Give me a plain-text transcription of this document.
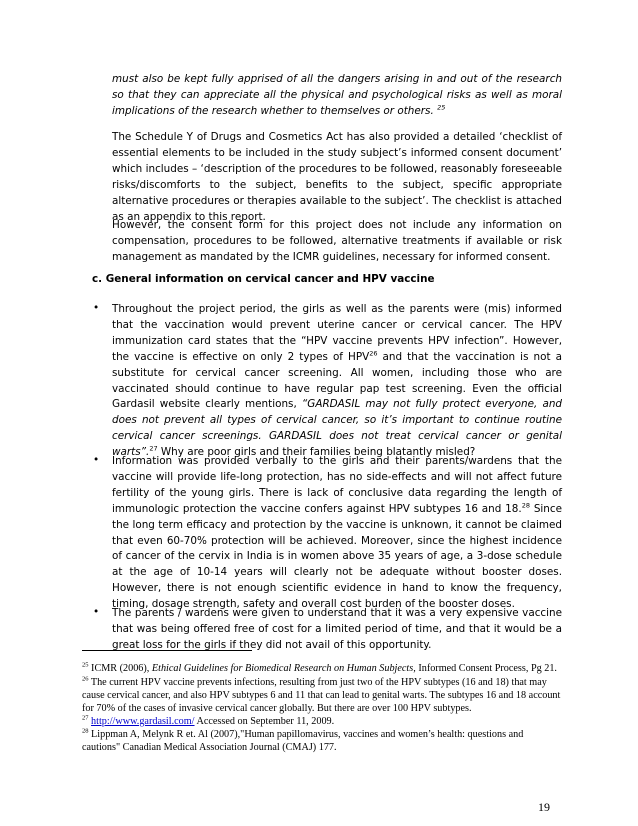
must also be kept fully apprised of all the dangers arising in and out of the research so that they can appreciate all the physical and psychological risks as well as moral implications of the research whether to themselves or others. $^{25}$

The Schedule Y of Drugs and Cosmetics Act has also provided a detailed ‘checklist of essential elements to be included in the study subject’s informed consent document’ which includes – ‘description of the procedures to be followed, reasonably foreseeable risks/discomforts to the subject, benefits to the subject, specific appropriate alternative procedures or therapies available to the subject’. The checklist is attached as an appendix to this report.

However, the consent form for this project does not include any information on compensation, procedures to be followed, alternative treatments if available or risk management as mandated by the ICMR guidelines, necessary for informed consent.

c. General information on cervical cancer and HPV vaccine

• Throughout the project period, the girls as well as the parents were (mis) informed that the vaccination would prevent uterine cancer or cervical cancer. The HPV immunization card states that the “HPV vaccine prevents HPV infection”. However, the vaccine is effective on only 2 types of HPV$^{26}$ and that the vaccination is not a substitute for cervical cancer screening. All women, including those who are vaccinated should continue to have regular pap test screening. Even the official Gardasil website clearly mentions, “GARDASIL may not fully protect everyone, and does not prevent all types of cervical cancer, so it’s important to continue routine cervical cancer screenings. GARDASIL does not treat cervical cancer or genital warts”.$^{27}$ Why are poor girls and their families being blatantly misled?

• Information was provided verbally to the girls and their parents/wardens that the vaccine will provide life-long protection, has no side-effects and will not affect future fertility of the young girls. There is lack of conclusive data regarding the length of immunologic protection the vaccine confers against HPV subtypes 16 and 18.28 Since the long term efficacy and protection by the vaccine is unknown, it cannot be claimed that even 60-70% protection will be achieved. Moreover, since the highest incidence of cancer of the cervix in India is in women above 35 years of age, a 3-dose schedule at the age of 10-14 years will clearly not be adequate without booster doses. However, there is not enough scientific evidence in hand to know the frequency, timing, dosage strength, safety and overall cost burden of the booster doses.

• The parents / wardens were given to understand that it was a very expensive vaccine that was being offered free of cost for a limited period of time, and that it would be a great loss for the girls if they did not avail of this opportunity.

$^{25}$ ICMR (2006), Ethical Guidelines for Biomedical Research on Human Subjects, Informed Consent Process, Pg 21.

$^{26}$ The current HPV vaccine prevents infections, resulting from just two of the HPV subtypes (16 and 18) that may cause cervical cancer, and also HPV subtypes 6 and 11 that can lead to genital warts. The subtypes 16 and 18 account for 70% of the cases of invasive cervical cancer globally. But there are over 100 HPV subtypes.

$^{27}$ http://www.gardasil.com/ Accessed on September 11, 2009.

$^{28}$ Lippman A, Melynk R et. Al (2007),"Human papillomavirus, vaccines and women’s health: questions and cautions" Canadian Medical Association Journal (CMAJ) 177.

19
